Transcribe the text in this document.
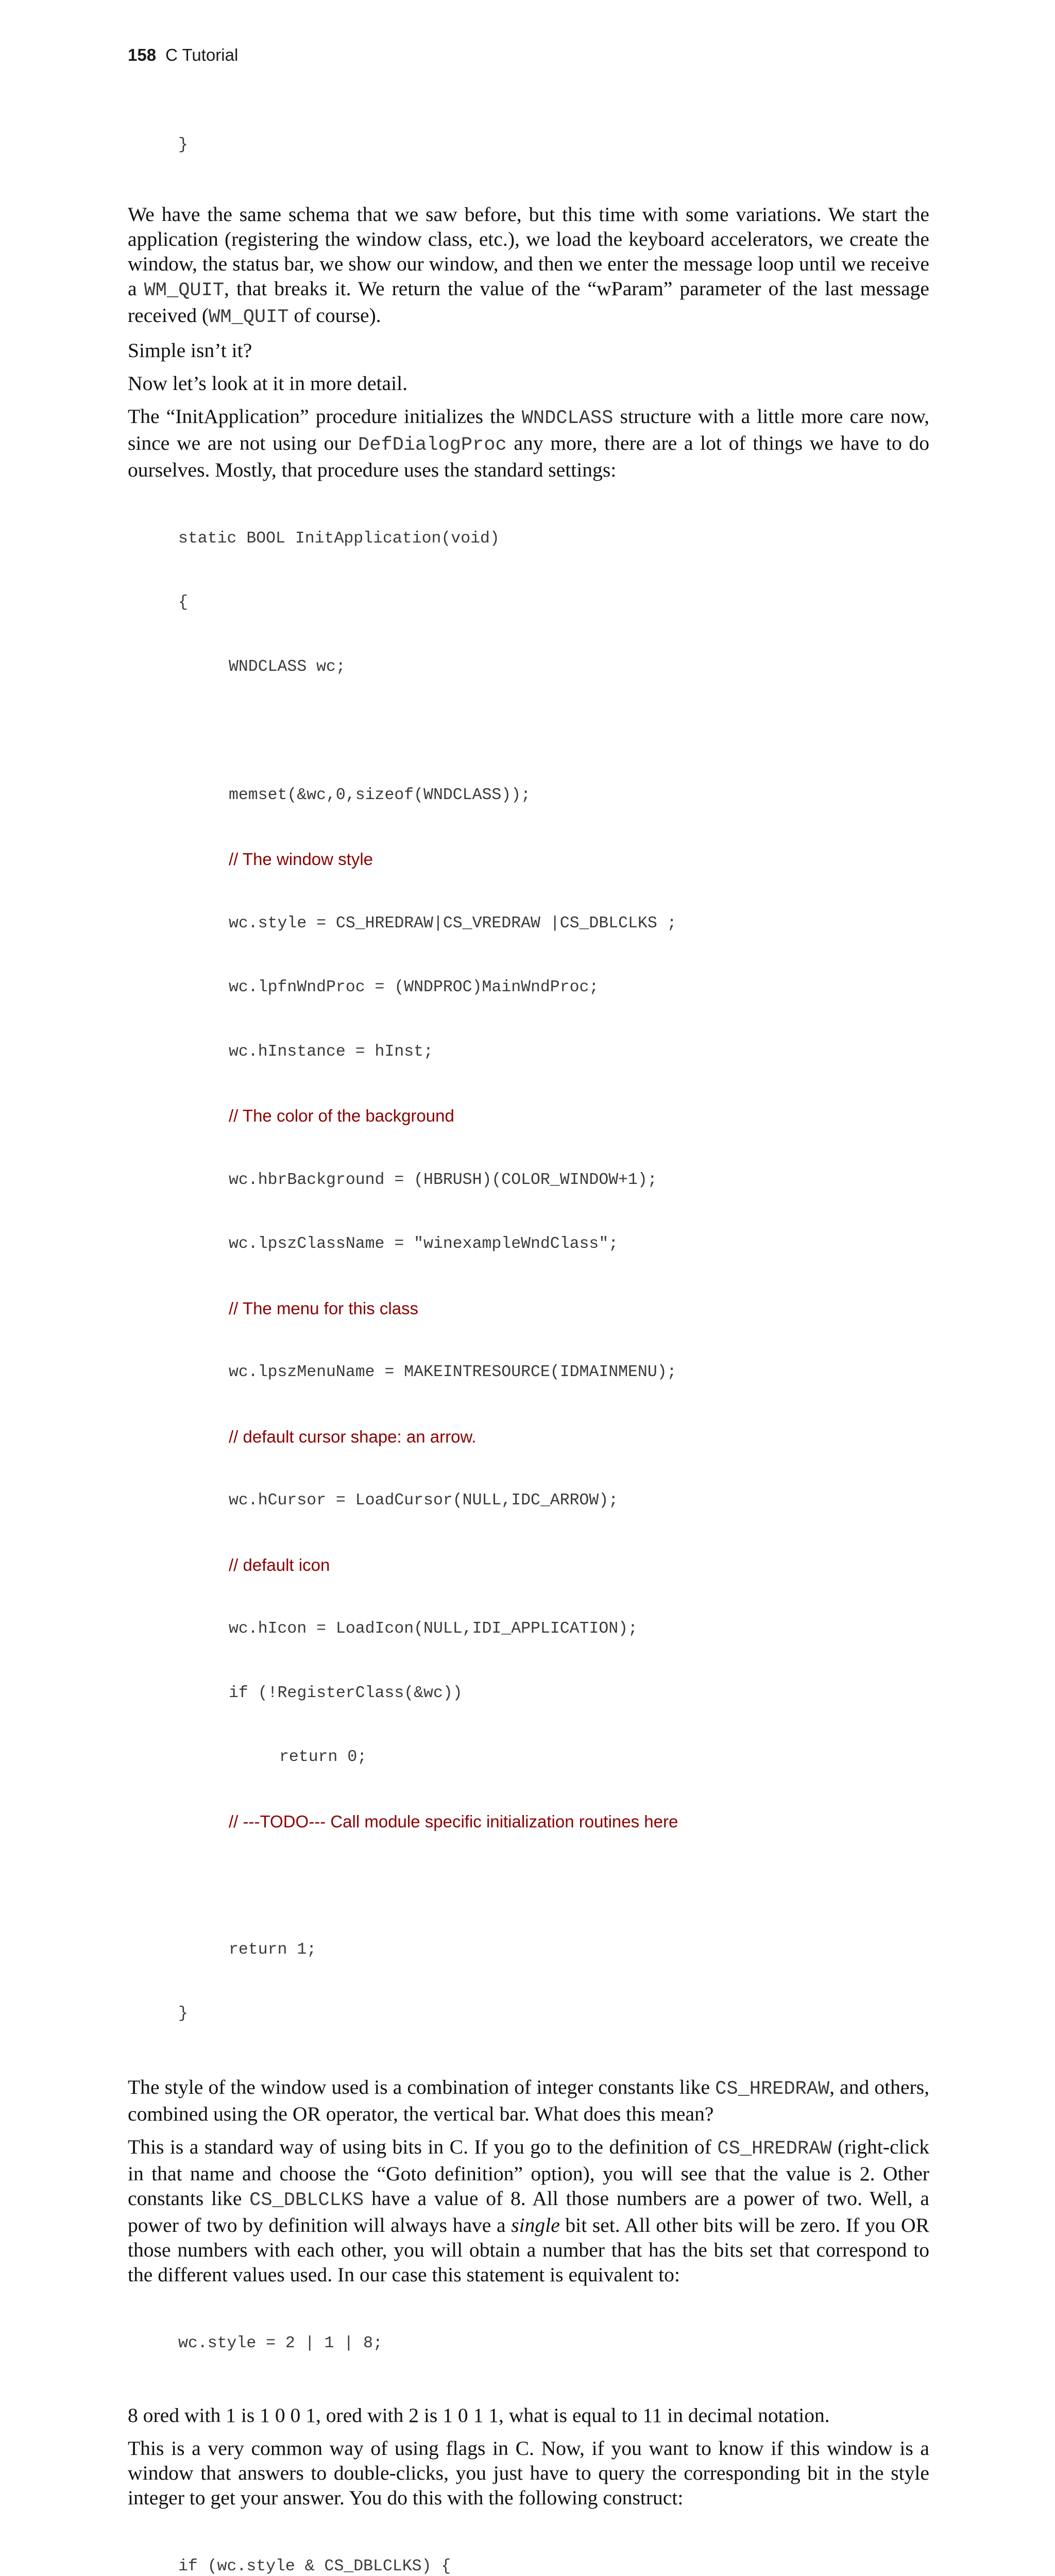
158 C Tutorial

}

We have the same schema that we saw before, but this time with some variations. We start the application (registering the window class, etc.), we load the keyboard accelerators, we create the window, the status bar, we show our window, and then we enter the message loop until we receive a WM_QUIT, that breaks it. We return the value of the “wParam” parameter of the last message received (WM_QUIT of course).

Simple isn’t it?

Now let’s look at it in more detail.

The “InitApplication” procedure initializes the WNDCLASS structure with a little more care now, since we are not using our DefDialogProc any more, there are a lot of things we have to do ourselves. Mostly, that procedure uses the standard settings:

static BOOL InitApplication(void)

{

WNDCLASS wc;

memset(&wc,0,sizeof(WNDCLASS));

// The window style

wc.style = CS_HREDRAW|CS_VREDRAW |CS_DBLCLKS ;

wc.lpfnWndProc = (WNDPROC)MainWndProc;

wc.hInstance = hInst;

// The color of the background

wc.hbrBackground = (HBRUSH)(COLOR_WINDOW+1);

wc.lpszClassName = "winexampleWndClass";

// The menu for this class

wc.lpszMenuName = MAKEINTRESOURCE(IDMAINMENU);

// default cursor shape: an arrow.

wc.hCursor = LoadCursor(NULL,IDC_ARROW);

// default icon

wc.hIcon = LoadIcon(NULL,IDI_APPLICATION);

if (!RegisterClass(&wc))

return 0;

// ---TODO--- Call module specific initialization routines here

return 1;

}

The style of the window used is a combination of integer constants like CS_HREDRAW, and others, combined using the OR operator, the vertical bar. What does this mean?

This is a standard way of using bits in C. If you go to the definition of CS_HREDRAW (right-click in that name and choose the “Goto definition” option), you will see that the value is 2. Other constants like CS_DBLCLKS have a value of 8. All those numbers are a power of two. Well, a power of two by definition will always have a single bit set. All other bits will be zero. If you OR those numbers with each other, you will obtain a number that has the bits set that correspond to the different values used. In our case this statement is equivalent to:

wc.style = 2 | 1 | 8;

8 ored with 1 is 1 0 0 1, ored with 2 is 1 0 1 1, what is equal to 11 in decimal notation.

This is a very common way of using flags in C. Now, if you want to know if this window is a window that answers to double-clicks, you just have to query the corresponding bit in the style integer to get your answer. You do this with the following construct:

if (wc.style & CS_DBLCLKS) {
